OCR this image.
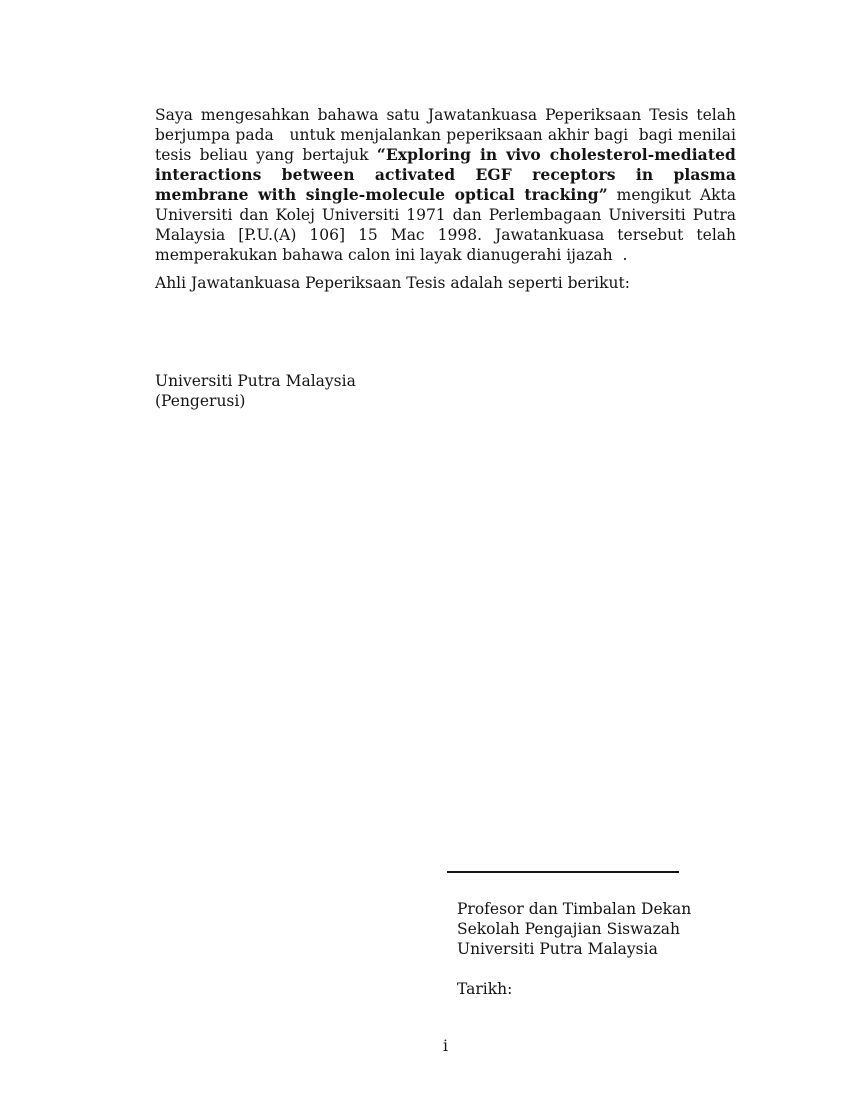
Saya mengesahkan bahawa satu Jawatankuasa Peperiksaan Tesis telah berjumpa pada   untuk menjalankan peperiksaan akhir bagi  bagi menilai tesis beliau yang bertajuk “Exploring in vivo cholesterol-mediated interactions between activated EGF receptors in plasma membrane with single-molecule optical tracking” mengikut Akta Universiti dan Kolej Universiti 1971 dan Perlembagaan Universiti Putra Malaysia [P.U.(A) 106] 15 Mac 1998. Jawatankuasa tersebut telah memperakukan bahawa calon ini layak dianugerahi ijazah  .

Ahli Jawatankuasa Peperiksaan Tesis adalah seperti berikut:

Universiti Putra Malaysia
(Pengerusi)
Profesor dan Timbalan Dekan
Sekolah Pengajian Siswazah
Universiti Putra Malaysia
Tarikh:
i
